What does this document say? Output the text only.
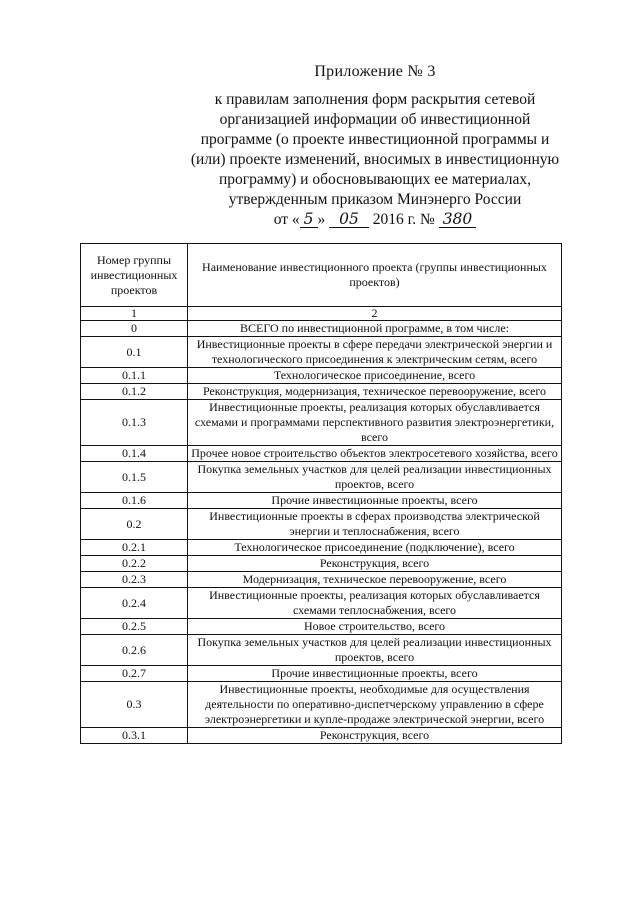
Приложение № 3
к правилам заполнения форм раскрытия сетевой
организацией информации об инвестиционной
программе (о проекте инвестиционной программы и
(или) проекте изменений, вносимых в инвестиционную
программу) и обосновывающих ее материалах,
утвержденным приказом Минэнерго России
от « 5 » 05 2016 г. № 380
Номер группы инвестиционных проектов	Наименование инвестиционного проекта (группы инвестиционных проектов)
1	2
0	ВСЕГО по инвестиционной программе, в том числе:
0.1	Инвестиционные проекты в сфере передачи электрической энергии и технологического присоединения к электрическим сетям, всего
0.1.1	Технологическое присоединение, всего
0.1.2	Реконструкция, модернизация, техническое перевооружение, всего
0.1.3	Инвестиционные проекты, реализация которых обуславливается схемами и программами перспективного развития электроэнергетики, всего
0.1.4	Прочее новое строительство объектов электросетевого хозяйства, всего
0.1.5	Покупка земельных участков для целей реализации инвестиционных проектов, всего
0.1.6	Прочие инвестиционные проекты, всего
0.2	Инвестиционные проекты в сферах производства электрической энергии и теплоснабжения, всего
0.2.1	Технологическое присоединение (подключение), всего
0.2.2	Реконструкция, всего
0.2.3	Модернизация, техническое перевооружение, всего
0.2.4	Инвестиционные проекты, реализация которых обуславливается схемами теплоснабжения, всего
0.2.5	Новое строительство, всего
0.2.6	Покупка земельных участков для целей реализации инвестиционных проектов, всего
0.2.7	Прочие инвестиционные проекты, всего
0.3	Инвестиционные проекты, необходимые для осуществления деятельности по оперативно-диспетчерскому управлению в сфере электроэнергетики и купле-продаже электрической энергии, всего
0.3.1	Реконструкция, всего
